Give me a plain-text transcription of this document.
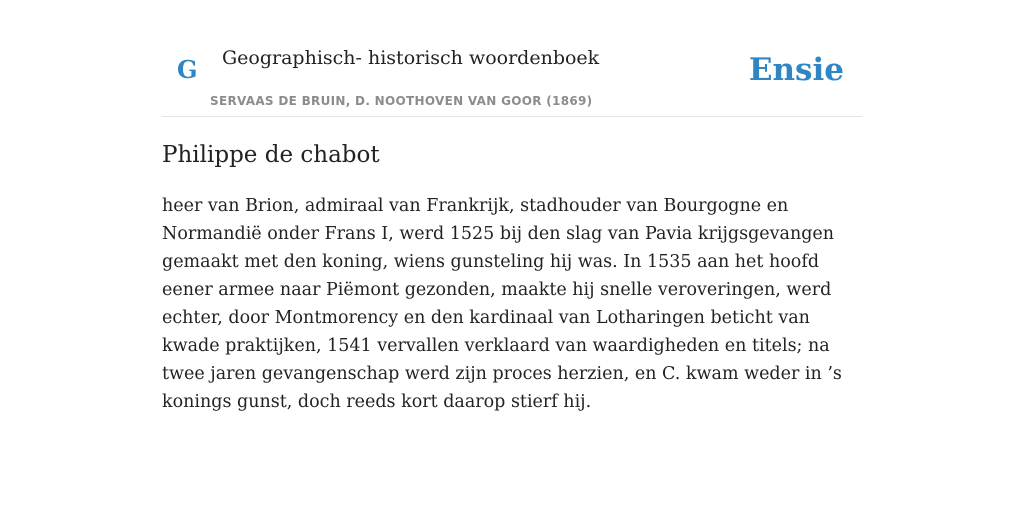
G Geographisch- historisch woordenboek
SERVAAS DE BRUIN, D. NOOTHOVEN VAN GOOR (1869)
Ensie
Philippe de chabot

heer van Brion, admiraal van Frankrijk, stadhouder van Bourgogne en Normandië onder Frans I, werd 1525 bij den slag van Pavia krijgsgevangen gemaakt met den koning, wiens gunsteling hij was. In 1535 aan het hoofd eener armee naar Piëmont gezonden, maakte hij snelle veroveringen, werd echter, door Montmorency en den kardinaal van Lotharingen beticht van kwade praktijken, 1541 vervallen verklaard van waardigheden en titels; na twee jaren gevangenschap werd zijn proces herzien, en C. kwam weder in ’s konings gunst, doch reeds kort daarop stierf hij.
